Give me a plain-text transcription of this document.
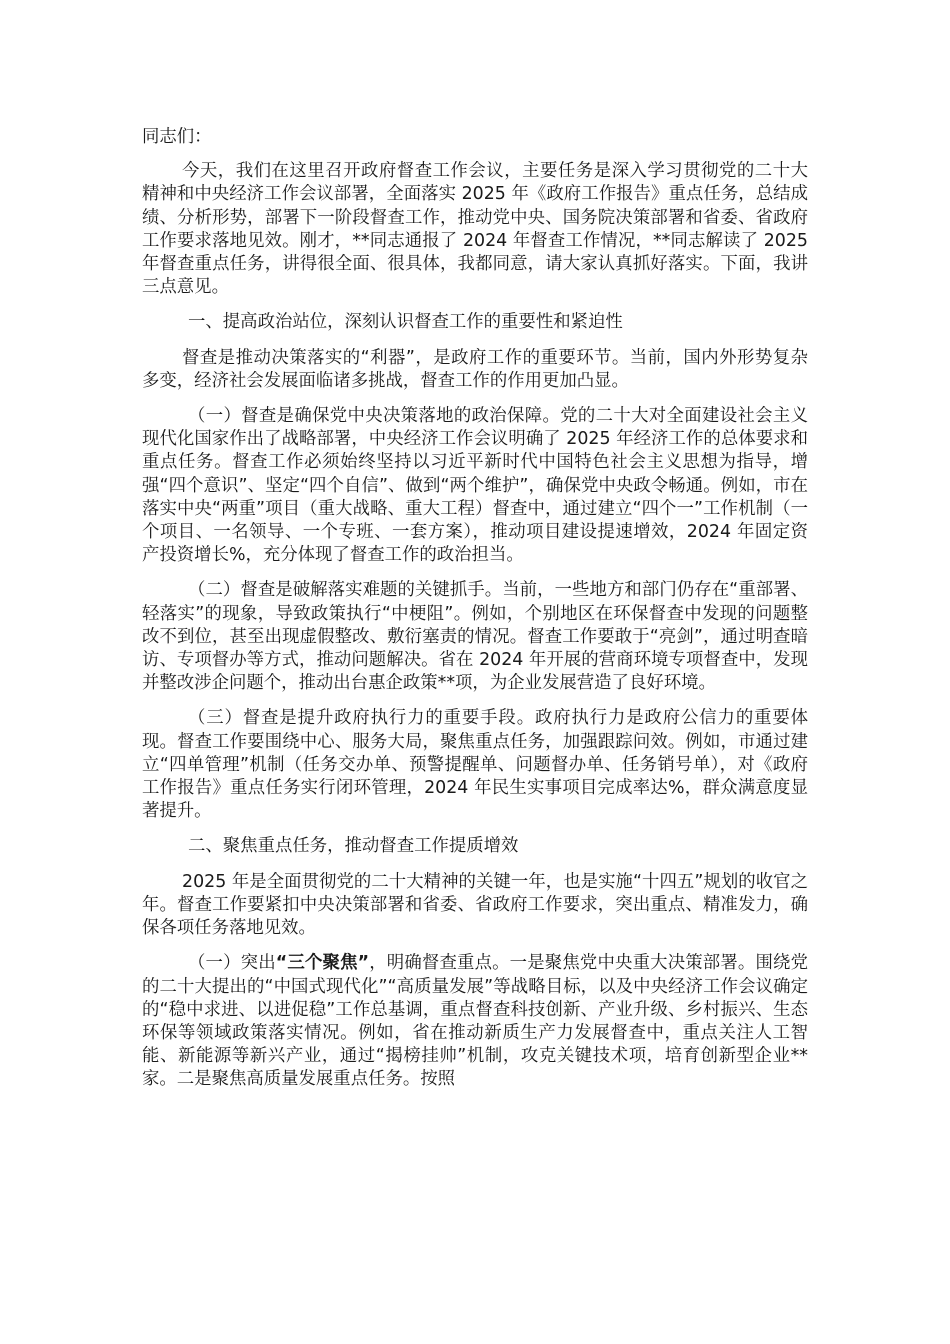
同志们：

今天，我们在这里召开政府督查工作会议，主要任务是深入学习贯彻党的二十大精神和中央经济工作会议部署，全面落实 2025 年《政府工作报告》重点任务，总结成绩、分析形势，部署下一阶段督查工作，推动党中央、国务院决策部署和省委、省政府工作要求落地见效。刚才，**同志通报了 2024 年督查工作情况，**同志解读了 2025 年督查重点任务，讲得很全面、很具体，我都同意，请大家认真抓好落实。下面，我讲三点意见。

一、提高政治站位，深刻认识督查工作的重要性和紧迫性

督查是推动决策落实的“利器”，是政府工作的重要环节。当前，国内外形势复杂多变，经济社会发展面临诸多挑战，督查工作的作用更加凸显。

（一）督查是确保党中央决策落地的政治保障。党的二十大对全面建设社会主义现代化国家作出了战略部署，中央经济工作会议明确了 2025 年经济工作的总体要求和重点任务。督查工作必须始终坚持以习近平新时代中国特色社会主义思想为指导，增强“四个意识”、坚定“四个自信”、做到“两个维护”，确保党中央政令畅通。例如，市在落实中央“两重”项目（重大战略、重大工程）督查中，通过建立“四个一”工作机制（一个项目、一名领导、一个专班、一套方案），推动项目建设提速增效，2024 年固定资产投资增长%，充分体现了督查工作的政治担当。

（二）督查是破解落实难题的关键抓手。当前，一些地方和部门仍存在“重部署、轻落实”的现象，导致政策执行“中梗阻”。例如，个别地区在环保督查中发现的问题整改不到位，甚至出现虚假整改、敷衍塞责的情况。督查工作要敢于“亮剑”，通过明查暗访、专项督办等方式，推动问题解决。省在 2024 年开展的营商环境专项督查中，发现并整改涉企问题个，推动出台惠企政策**项，为企业发展营造了良好环境。

（三）督查是提升政府执行力的重要手段。政府执行力是政府公信力的重要体现。督查工作要围绕中心、服务大局，聚焦重点任务，加强跟踪问效。例如，市通过建立“四单管理”机制（任务交办单、预警提醒单、问题督办单、任务销号单），对《政府工作报告》重点任务实行闭环管理，2024 年民生实事项目完成率达%，群众满意度显著提升。

二、聚焦重点任务，推动督查工作提质增效

2025 年是全面贯彻党的二十大精神的关键一年，也是实施“十四五”规划的收官之年。督查工作要紧扣中央决策部署和省委、省政府工作要求，突出重点、精准发力，确保各项任务落地见效。

（一）突出“三个聚焦”，明确督查重点。一是聚焦党中央重大决策部署。围绕党的二十大提出的“中国式现代化”“高质量发展”等战略目标，以及中央经济工作会议确定的“稳中求进、以进促稳”工作总基调，重点督查科技创新、产业升级、乡村振兴、生态环保等领域政策落实情况。例如，省在推动新质生产力发展督查中，重点关注人工智能、新能源等新兴产业，通过“揭榜挂帅”机制，攻克关键技术项，培育创新型企业**家。二是聚焦高质量发展重点任务。按照
